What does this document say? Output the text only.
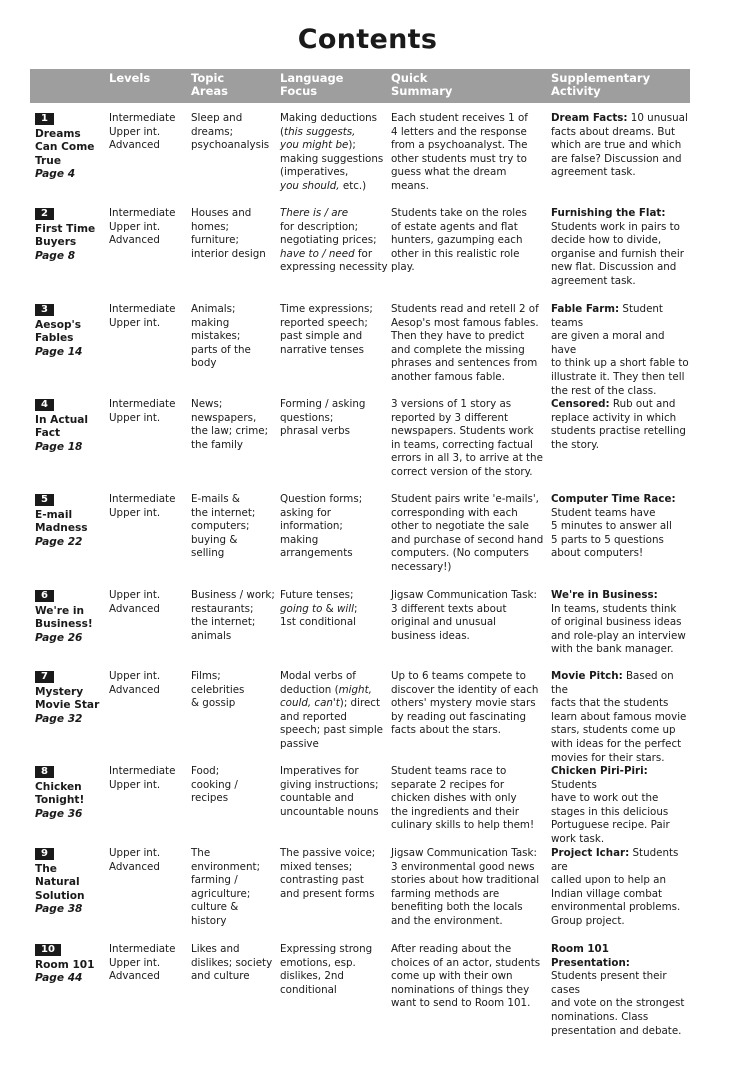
Contents
Levels	Topic
Areas
Language
Focus
Quick
Summary
Supplementary
Activity
1
Dreams
Can Come
True
Page 4
Intermediate
Upper int.
Advanced
Sleep and
dreams;
psychoanalysis
Making deductions
(this suggests,
you might be);
making suggestions
(imperatives,
you should, etc.)
Each student receives 1 of
4 letters and the response
from a psychoanalyst. The
other students must try to
guess what the dream
means.
Dream Facts: 10 unusual
facts about dreams. But
which are true and which
are false? Discussion and
agreement task.
2
First Time
Buyers
Page 8
Intermediate
Upper int.
Advanced
Houses and
homes;
furniture;
interior design
There is / are
for description;
negotiating prices;
have to / need for
expressing necessity
Students take on the roles
of estate agents and flat
hunters, gazumping each
other in this realistic role
play.
Furnishing the Flat:
Students work in pairs to
decide how to divide,
organise and furnish their
new flat. Discussion and
agreement task.
3
Aesop's
Fables
Page 14
Intermediate
Upper int.
Animals;
making
mistakes;
parts of the
body
Time expressions;
reported speech;
past simple and
narrative tenses
Students read and retell 2 of
Aesop's most famous fables.
Then they have to predict
and complete the missing
phrases and sentences from
another famous fable.
Fable Farm: Student teams
are given a moral and have
to think up a short fable to
illustrate it. They then tell
the rest of the class.
4
In Actual
Fact
Page 18
Intermediate
Upper int.
News;
newspapers,
the law; crime;
the family
Forming / asking
questions;
phrasal verbs
3 versions of 1 story as
reported by 3 different
newspapers. Students work
in teams, correcting factual
errors in all 3, to arrive at the
correct version of the story.
Censored: Rub out and
replace activity in which
students practise retelling
the story.
5
E-mail
Madness
Page 22
Intermediate
Upper int.
E-mails &
the internet;
computers;
buying &
selling
Question forms;
asking for
information;
making
arrangements
Student pairs write 'e-mails',
corresponding with each
other to negotiate the sale
and purchase of second hand
computers. (No computers
necessary!)
Computer Time Race:
Student teams have
5 minutes to answer all
5 parts to 5 questions
about computers!
6
We're in
Business!
Page 26
Upper int.
Advanced
Business / work;
restaurants;
the internet;
animals
Future tenses;
going to & will;
1st conditional
Jigsaw Communication Task:
3 different texts about
original and unusual
business ideas.
We're in Business:
In teams, students think
of original business ideas
and role-play an interview
with the bank manager.
7
Mystery
Movie Star
Page 32
Upper int.
Advanced
Films;
celebrities
& gossip
Modal verbs of
deduction (might,
could, can't); direct
and reported
speech; past simple
passive
Up to 6 teams compete to
discover the identity of each
others' mystery movie stars
by reading out fascinating
facts about the stars.
Movie Pitch: Based on the
facts that the students
learn about famous movie
stars, students come up
with ideas for the perfect
movies for their stars.
8
Chicken
Tonight!
Page 36
Intermediate
Upper int.
Food;
cooking /
recipes
Imperatives for
giving instructions;
countable and
uncountable nouns
Student teams race to
separate 2 recipes for
chicken dishes with only
the ingredients and their
culinary skills to help them!
Chicken Piri-Piri: Students
have to work out the
stages in this delicious
Portuguese recipe. Pair
work task.
9
The
Natural
Solution
Page 38
Upper int.
Advanced
The
environment;
farming /
agriculture;
culture &
history
The passive voice;
mixed tenses;
contrasting past
and present forms
Jigsaw Communication Task:
3 environmental good news
stories about how traditional
farming methods are
benefiting both the locals
and the environment.
Project Ichar: Students are
called upon to help an
Indian village combat
environmental problems.
Group project.
10
Room 101
Page 44
Intermediate
Upper int.
Advanced
Likes and
dislikes; society
and culture
Expressing strong
emotions, esp.
dislikes, 2nd
conditional
After reading about the
choices of an actor, students
come up with their own
nominations of things they
want to send to Room 101.
Room 101 Presentation:
Students present their cases
and vote on the strongest
nominations. Class
presentation and debate.
